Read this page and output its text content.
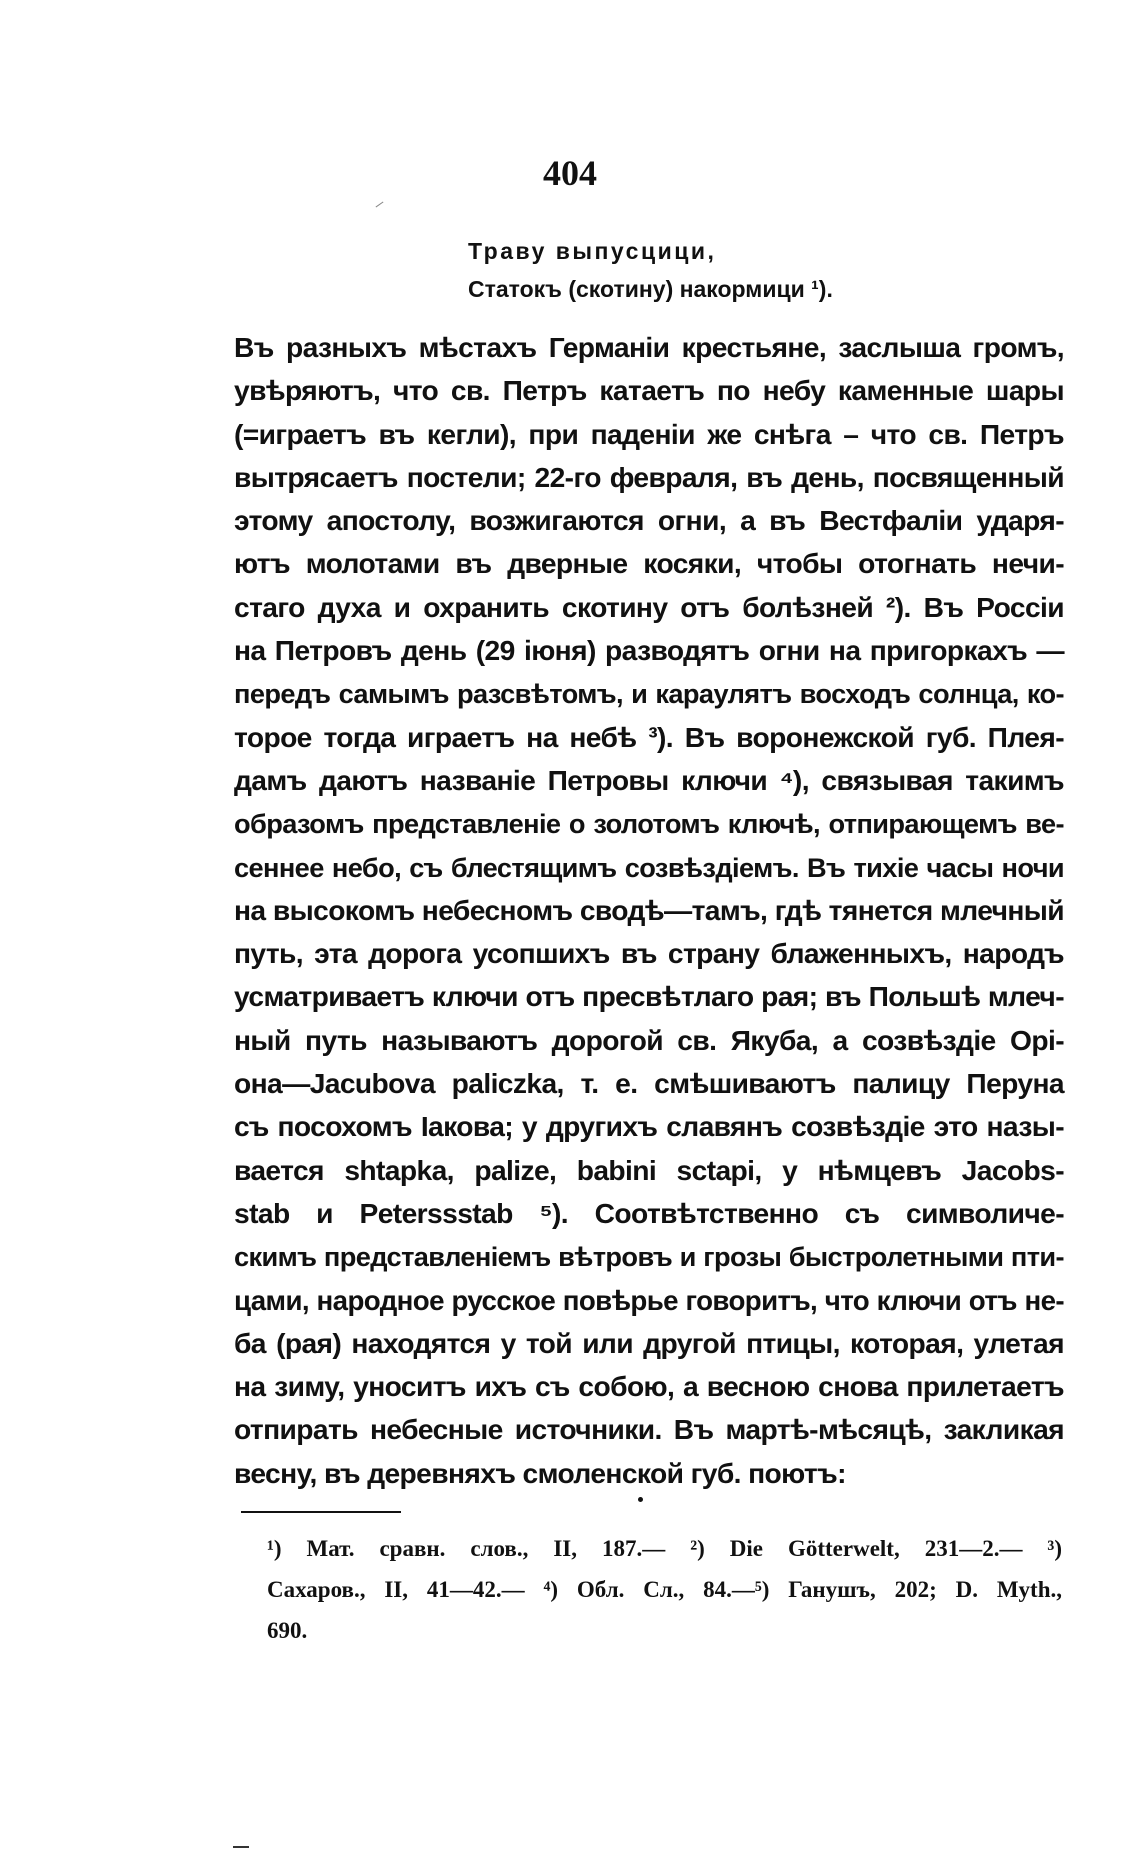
404
Траву выпусцици,
Статокъ (скотину) накормици ¹).
Въ разныхъ мѣстахъ Германіи крестьяне, заслыша громъ,
увѣряютъ, что св. Петръ катаетъ по небу каменные шары
(=играетъ въ кегли), при паденіи же снѣга – что св. Петръ
вытрясаетъ постели; 22-го февраля, въ день, посвященный
этому апостолу, возжигаются огни, а въ Вестфаліи ударя-
ютъ молотами въ дверные косяки, чтобы отогнать нечи-
стаго духа и охранить скотину отъ болѣзней ²). Въ Россіи
на Петровъ день (29 іюня) разводятъ огни на пригоркахъ —
передъ самымъ разсвѣтомъ, и караулятъ восходъ солнца, ко-
торое тогда играетъ на небѣ ³). Въ воронежской губ. Плея-
дамъ даютъ названіе Петровы ключи ⁴), связывая такимъ
образомъ представленіе о золотомъ ключѣ, отпирающемъ ве-
сеннее небо, съ блестящимъ созвѣздіемъ. Въ тихіе часы ночи
на высокомъ небесномъ сводѣ—тамъ, гдѣ тянется млечный
путь, эта дорога усопшихъ въ страну блаженныхъ, народъ
усматриваетъ ключи отъ пресвѣтлаго рая; въ Польшѣ млеч-
ный путь называютъ дорогой св. Якуба, а созвѣздіе Орі-
она—Jacubova paliczka, т. е. смѣшиваютъ палицу Перуна
съ посохомъ Іакова; у другихъ славянъ созвѣздіе это назы-
вается shtapka, palize, babini sctapi, у нѣмцевъ Jacobs-
stab и Peterssstab ⁵). Соотвѣтственно съ символиче-
скимъ представленіемъ вѣтровъ и грозы быстролетными пти-
цами, народное русское повѣрье говоритъ, что ключи отъ не-
ба (рая) находятся у той или другой птицы, которая, улетая
на зиму, уноситъ ихъ съ собою, а весною снова прилетаетъ
отпирать небесные источники. Въ мартѣ-мѣсяцѣ, закликая
весну, въ деревняхъ смоленской губ. поютъ:
¹) Мат. сравн. слов., II, 187.— ²) Die Götterwelt, 231—2.— ³)
Сахаров., II, 41—42.— ⁴) Обл. Сл., 84.—⁵) Ганушъ, 202; D. Myth.,
690.
